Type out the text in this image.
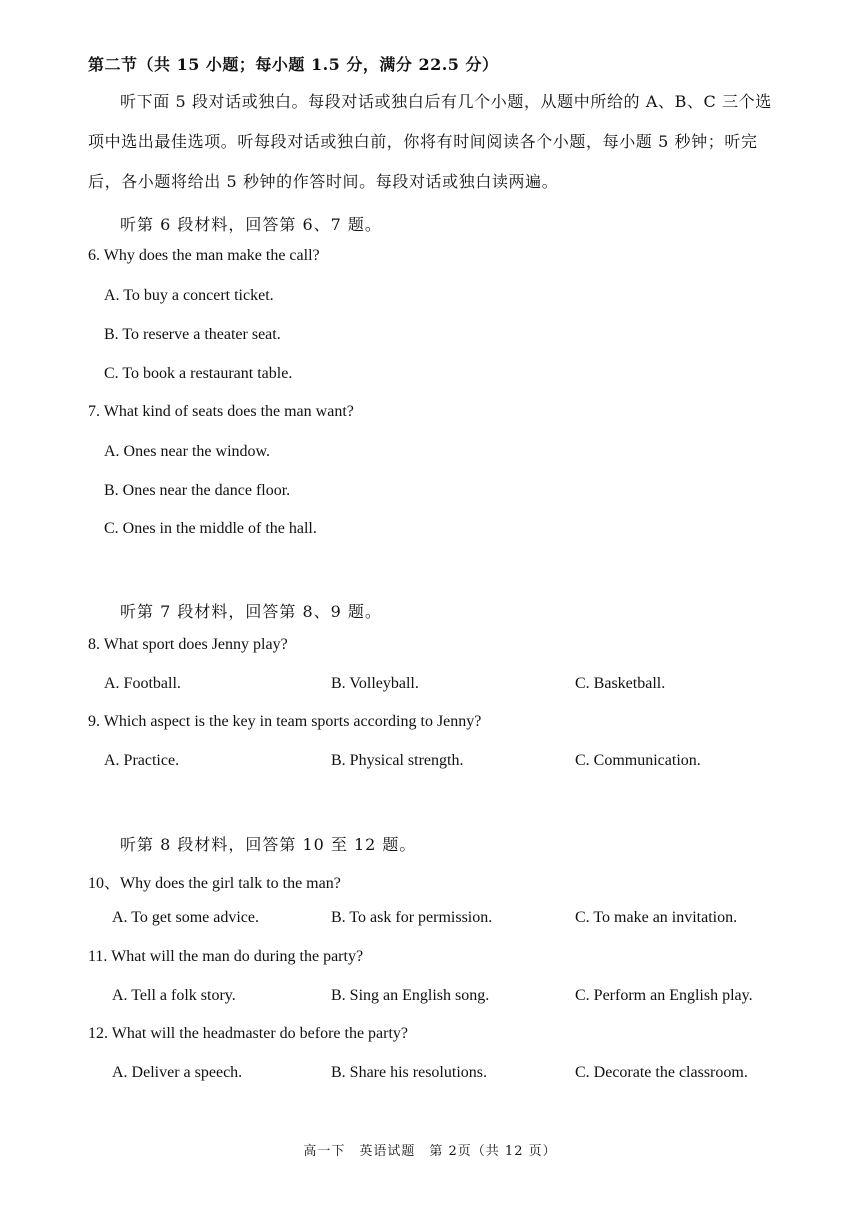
第二节（共 15 小题；每小题 1.5 分，满分 22.5 分）
听下面 5 段对话或独白。每段对话或独白后有几个小题，从题中所给的 A、B、C 三个选项中选出最佳选项。听每段对话或独白前，你将有时间阅读各个小题，每小题 5 秒钟；听完后，各小题将给出 5 秒钟的作答时间。每段对话或独白读两遍。
听第 6 段材料，回答第 6、7 题。
6. Why does the man make the call?
A. To buy a concert ticket.
B. To reserve a theater seat.
C. To book a restaurant table.
7. What kind of seats does the man want?
A. Ones near the window.
B. Ones near the dance floor.
C. Ones in the middle of the hall.
听第 7 段材料，回答第 8、9 题。
8. What sport does Jenny play?
A. Football.	B. Volleyball.	C. Basketball.
9. Which aspect is the key in team sports according to Jenny?
A. Practice.	B. Physical strength.	C. Communication.
听第 8 段材料，回答第 10 至 12 题。
10、Why does the girl talk to the man?
A. To get some advice.	B. To ask for permission.	C. To make an invitation.
11. What will the man do during the party?
A. Tell a folk story.	B. Sing an English song.	C. Perform an English play.
12. What will the headmaster do before the party?
A. Deliver a speech.	B. Share his resolutions.	C. Decorate the classroom.
高一下　英语试题　第 2页（共 12 页）
